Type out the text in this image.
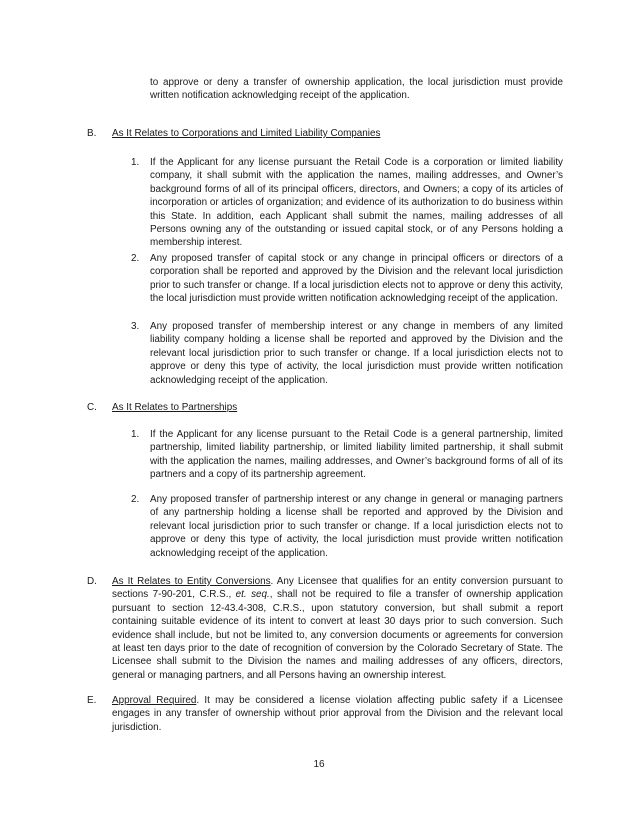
to approve or deny a transfer of ownership application, the local jurisdiction must provide written notification acknowledging receipt of the application.
B. As It Relates to Corporations and Limited Liability Companies
1. If the Applicant for any license pursuant the Retail Code is a corporation or limited liability company, it shall submit with the application the names, mailing addresses, and Owner’s background forms of all of its principal officers, directors, and Owners; a copy of its articles of incorporation or articles of organization; and evidence of its authorization to do business within this State. In addition, each Applicant shall submit the names, mailing addresses of all Persons owning any of the outstanding or issued capital stock, or of any Persons holding a membership interest.
2. Any proposed transfer of capital stock or any change in principal officers or directors of a corporation shall be reported and approved by the Division and the relevant local jurisdiction prior to such transfer or change. If a local jurisdiction elects not to approve or deny this activity, the local jurisdiction must provide written notification acknowledging receipt of the application.
3. Any proposed transfer of membership interest or any change in members of any limited liability company holding a license shall be reported and approved by the Division and the relevant local jurisdiction prior to such transfer or change. If a local jurisdiction elects not to approve or deny this type of activity, the local jurisdiction must provide written notification acknowledging receipt of the application.
C. As It Relates to Partnerships
1. If the Applicant for any license pursuant to the Retail Code is a general partnership, limited partnership, limited liability partnership, or limited liability limited partnership, it shall submit with the application the names, mailing addresses, and Owner’s background forms of all of its partners and a copy of its partnership agreement.
2. Any proposed transfer of partnership interest or any change in general or managing partners of any partnership holding a license shall be reported and approved by the Division and relevant local jurisdiction prior to such transfer or change. If a local jurisdiction elects not to approve or deny this type of activity, the local jurisdiction must provide written notification acknowledging receipt of the application.
D. As It Relates to Entity Conversions. Any Licensee that qualifies for an entity conversion pursuant to sections 7-90-201, C.R.S., et. seq., shall not be required to file a transfer of ownership application pursuant to section 12-43.4-308, C.R.S., upon statutory conversion, but shall submit a report containing suitable evidence of its intent to convert at least 30 days prior to such conversion. Such evidence shall include, but not be limited to, any conversion documents or agreements for conversion at least ten days prior to the date of recognition of conversion by the Colorado Secretary of State. The Licensee shall submit to the Division the names and mailing addresses of any officers, directors, general or managing partners, and all Persons having an ownership interest.
E. Approval Required. It may be considered a license violation affecting public safety if a Licensee engages in any transfer of ownership without prior approval from the Division and the relevant local jurisdiction.
16
